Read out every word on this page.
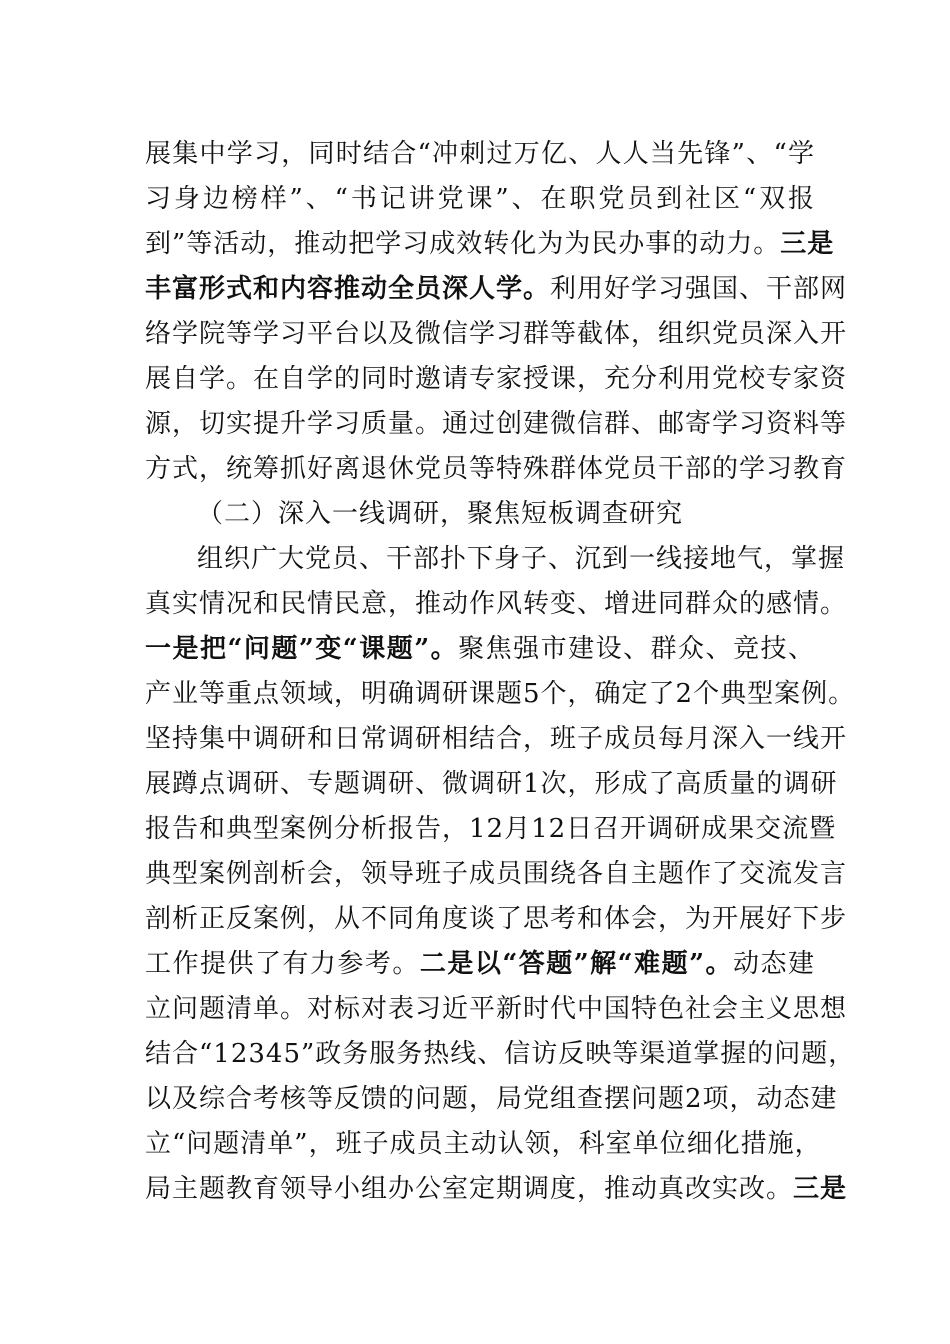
展集中学习，同时结合“冲刺过万亿、人人当先锋”、“学
习身边榜样”、“书记讲党课”、在职党员到社区“双报
到”等活动，推动把学习成效转化为为民办事的动力。三是
丰富形式和内容推动全员深人学。利用好学习强国、干部网
络学院等学习平台以及微信学习群等截体，组织党员深入开
展自学。在自学的同时邀请专家授课，充分利用党校专家资
源，切实提升学习质量。通过创建微信群、邮寄学习资料等
方式，统筹抓好离退休党员等特殊群体党员干部的学习教育
（二）深入一线调研，聚焦短板调查研究
组织广大党员、干部扑下身子、沉到一线接地气，掌握
真实情况和民情民意，推动作风转变、增进同群众的感情。
一是把“问题”变“课题”。聚焦强市建设、群众、竞技、
产业等重点领域，明确调研课题5个，确定了2个典型案例。
坚持集中调研和日常调研相结合，班子成员每月深入一线开
展蹲点调研、专题调研、微调研1次，形成了高质量的调研
报告和典型案例分析报告，12月12日召开调研成果交流暨
典型案例剖析会，领导班子成员围绕各自主题作了交流发言
剖析正反案例，从不同角度谈了思考和体会，为开展好下步
工作提供了有力参考。二是以“答题”解“难题”。动态建
立问题清单。对标对表习近平新时代中国特色社会主义思想
结合“12345”政务服务热线、信访反映等渠道掌握的问题，
以及综合考核等反馈的问题，局党组查摆问题2项，动态建
立“问题清单”，班子成员主动认领，科室单位细化措施，
局主题教育领导小组办公室定期调度，推动真改实改。三是
